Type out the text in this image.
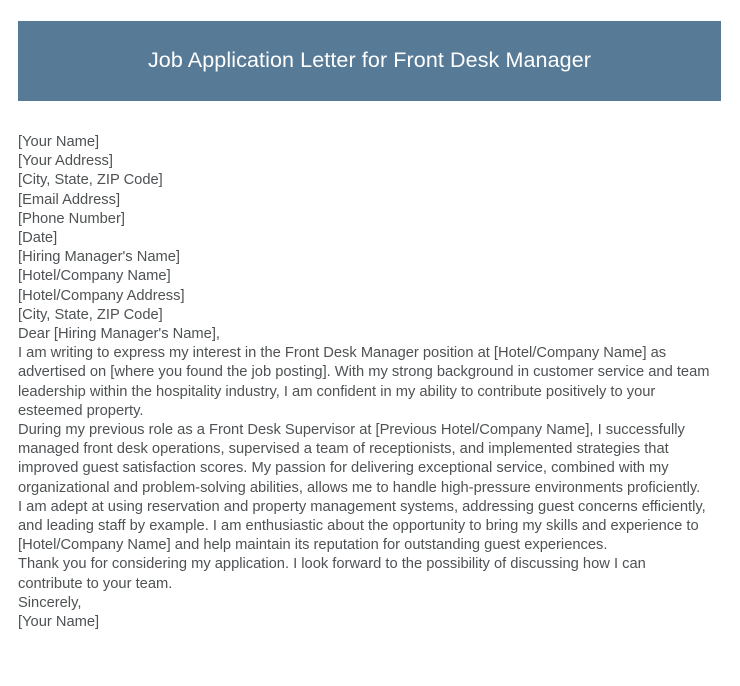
Job Application Letter for Front Desk Manager
[Your Name]
[Your Address]
[City, State, ZIP Code]
[Email Address]
[Phone Number]
[Date]
[Hiring Manager's Name]
[Hotel/Company Name]
[Hotel/Company Address]
[City, State, ZIP Code]
Dear [Hiring Manager's Name],
I am writing to express my interest in the Front Desk Manager position at [Hotel/Company Name] as advertised on [where you found the job posting]. With my strong background in customer service and team leadership within the hospitality industry, I am confident in my ability to contribute positively to your esteemed property.
During my previous role as a Front Desk Supervisor at [Previous Hotel/Company Name], I successfully managed front desk operations, supervised a team of receptionists, and implemented strategies that improved guest satisfaction scores. My passion for delivering exceptional service, combined with my organizational and problem-solving abilities, allows me to handle high-pressure environments proficiently.
I am adept at using reservation and property management systems, addressing guest concerns efficiently, and leading staff by example. I am enthusiastic about the opportunity to bring my skills and experience to [Hotel/Company Name] and help maintain its reputation for outstanding guest experiences.
Thank you for considering my application. I look forward to the possibility of discussing how I can contribute to your team.
Sincerely,
[Your Name]
